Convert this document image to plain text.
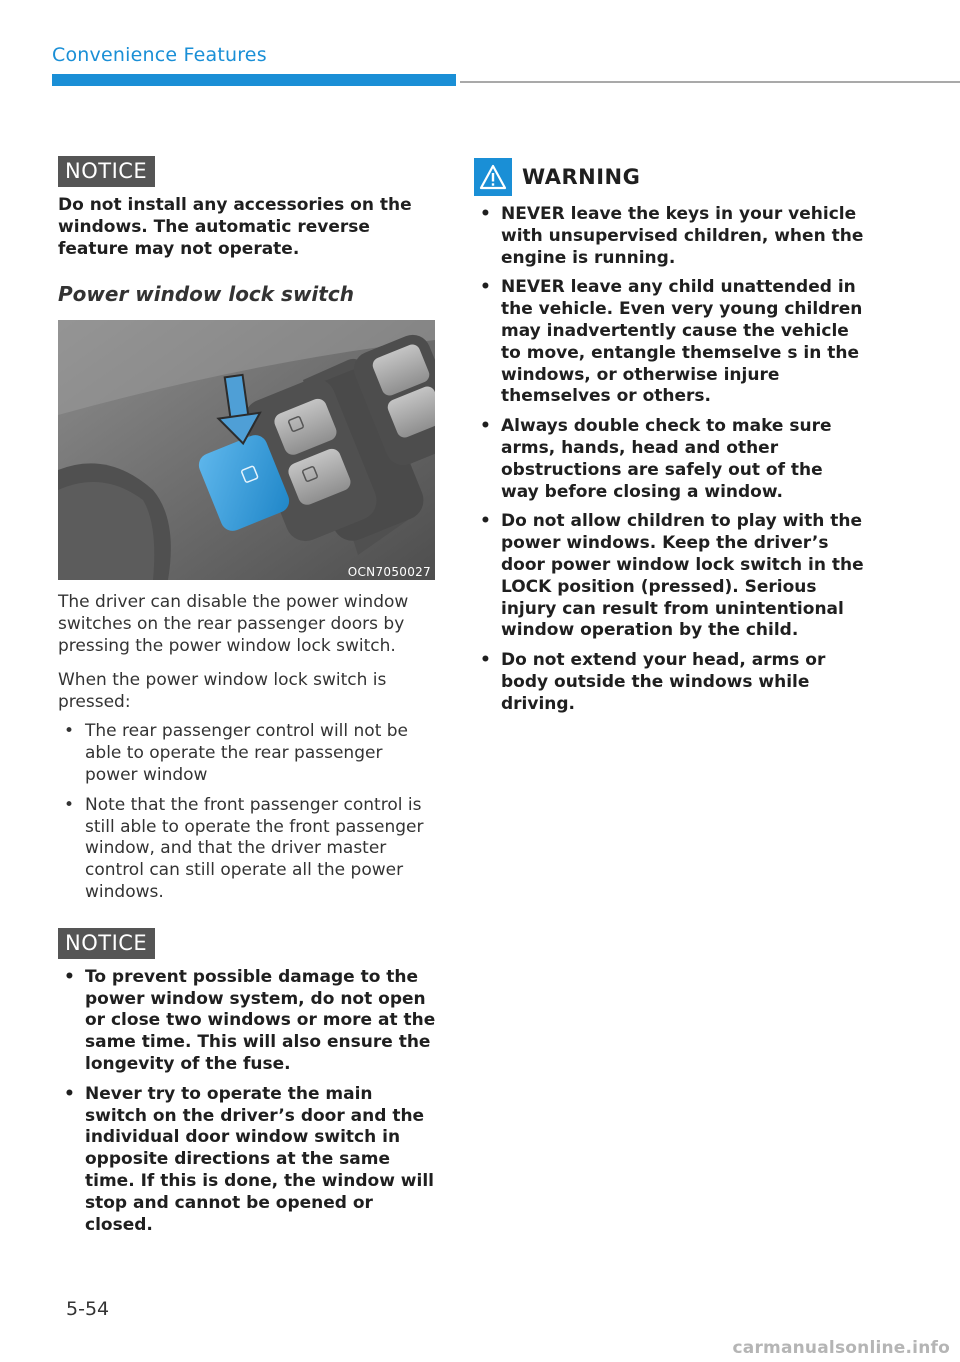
Convenience Features
NOTICE

Do not install any accessories on the windows. The automatic reverse feature may not operate.

Power window lock switch
OCN7050027

The driver can disable the power window switches on the rear passenger doors by pressing the power window lock switch.

When the power window lock switch is pressed:

• The rear passenger control will not be able to operate the rear passenger power window
• Note that the front passenger control is still able to operate the front passenger window, and that the driver master control can still operate all the power windows.
NOTICE
• To prevent possible damage to the power window system, do not open or close two windows or more at the same time. This will also ensure the longevity of the fuse.
• Never try to operate the main switch on the driver’s door and the individual door window switch in opposite directions at the same time. If this is done, the window will stop and cannot be opened or closed.
WARNING
• NEVER leave the keys in your vehicle with unsupervised children, when the engine is running.
• NEVER leave any child unattended in the vehicle. Even very young children may inadvertently cause the vehicle to move, entangle themselve s in the windows, or otherwise injure themselves or others.
• Always double check to make sure arms, hands, head and other obstructions are safely out of the way before closing a window.
• Do not allow children to play with the power windows. Keep the driver’s door power window lock switch in the LOCK position (pressed). Serious injury can result from unintentional window operation by the child.
• Do not extend your head, arms or body outside the windows while driving.
5-54
carmanualsonline.info
